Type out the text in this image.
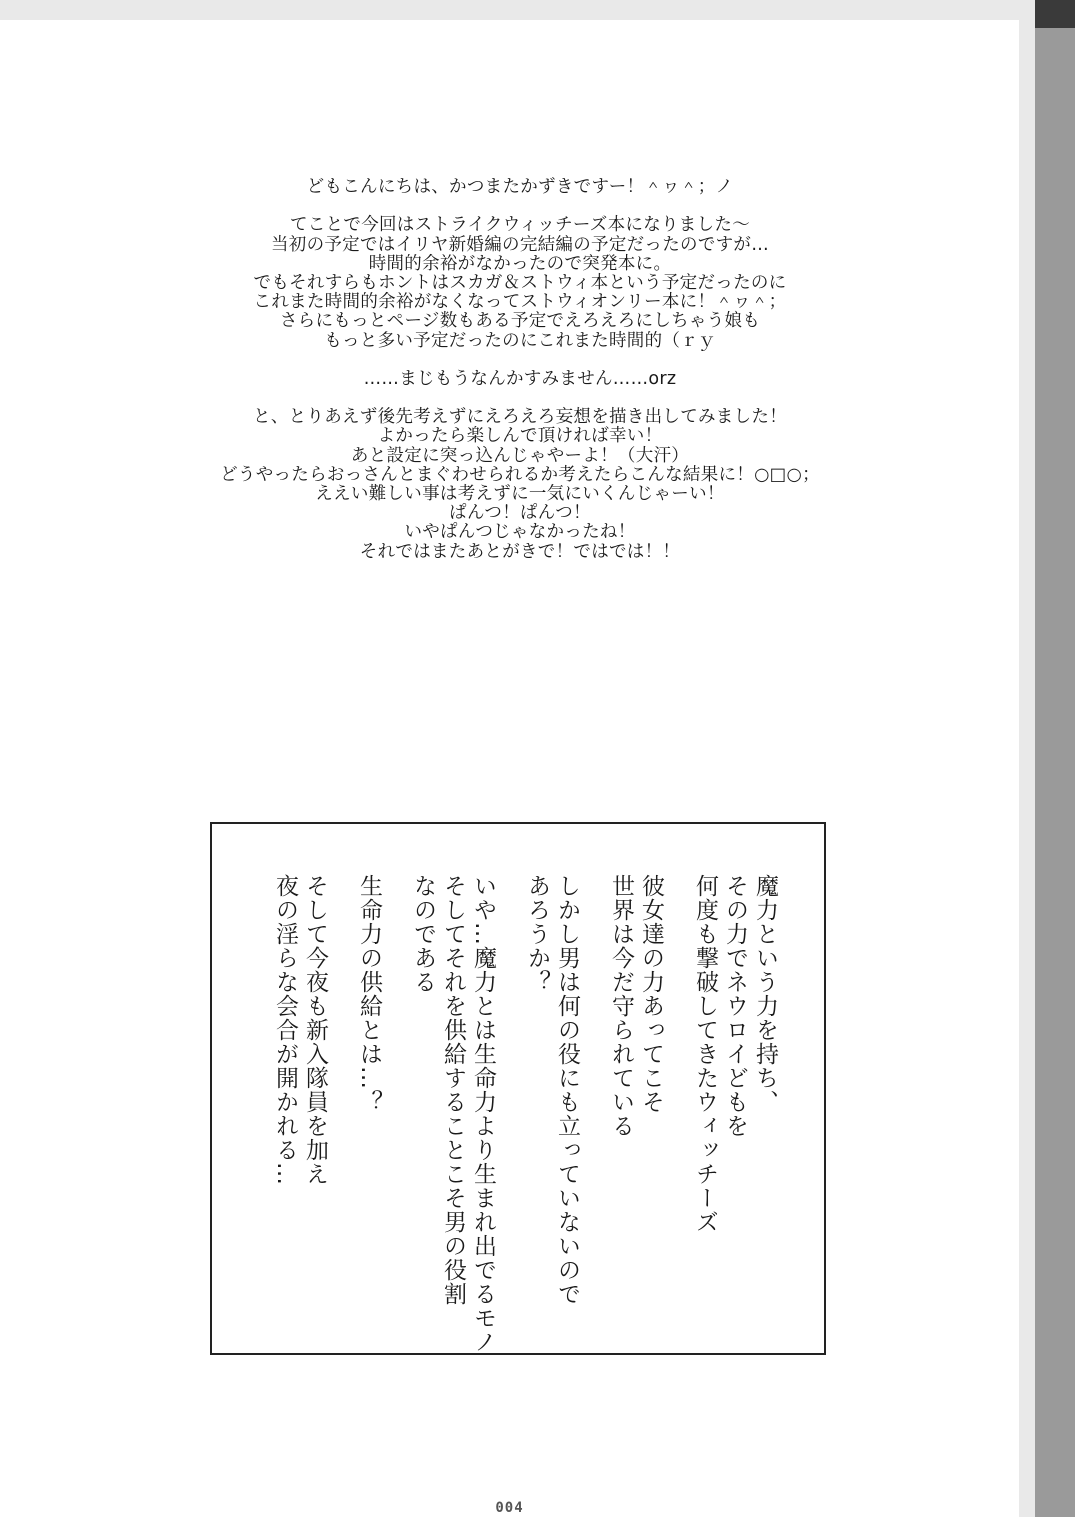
どもこんにちは、かつまたかずきですー！＾ヮ＾；ノ
てことで今回はストライクウィッチーズ本になりました～
当初の予定ではイリヤ新婚編の完結編の予定だったのですが…
時間的余裕がなかったので突発本に。
でもそれすらもホントはスカガ＆ストウィ本という予定だったのに
これまた時間的余裕がなくなってストウィオンリー本に！＾ヮ＾；
さらにもっとページ数もある予定でえろえろにしちゃう娘も
もっと多い予定だったのにこれまた時間的（ｒｙ
……まじもうなんかすみません……orz
と、とりあえず後先考えずにえろえろ妄想を描き出してみました！
よかったら楽しんで頂ければ幸い！
あと設定に突っ込んじゃやーよ！（大汗）
どうやったらおっさんとまぐわせられるか考えたらこんな結果に！○□○；
ええい難しい事は考えずに一気にいくんじゃーい！
ぱんつ！ぱんつ！
いやぱんつじゃなかったね！
それではまたあとがきで！ではでは！！
魔力という力を持ち、
その力でネウロイどもを
何度も撃破してきたウィッチーズ
彼女達の力あってこそ
世界は今だ守られている
しかし男は何の役にも立っていないので
あろうか？
いや…魔力とは生命力より生まれ出でるモノ
そしてそれを供給することこそ男の役割
なのである
生命力の供給とは…？
そして今夜も新入隊員を加え
夜の淫らな会合が開かれる…
004
